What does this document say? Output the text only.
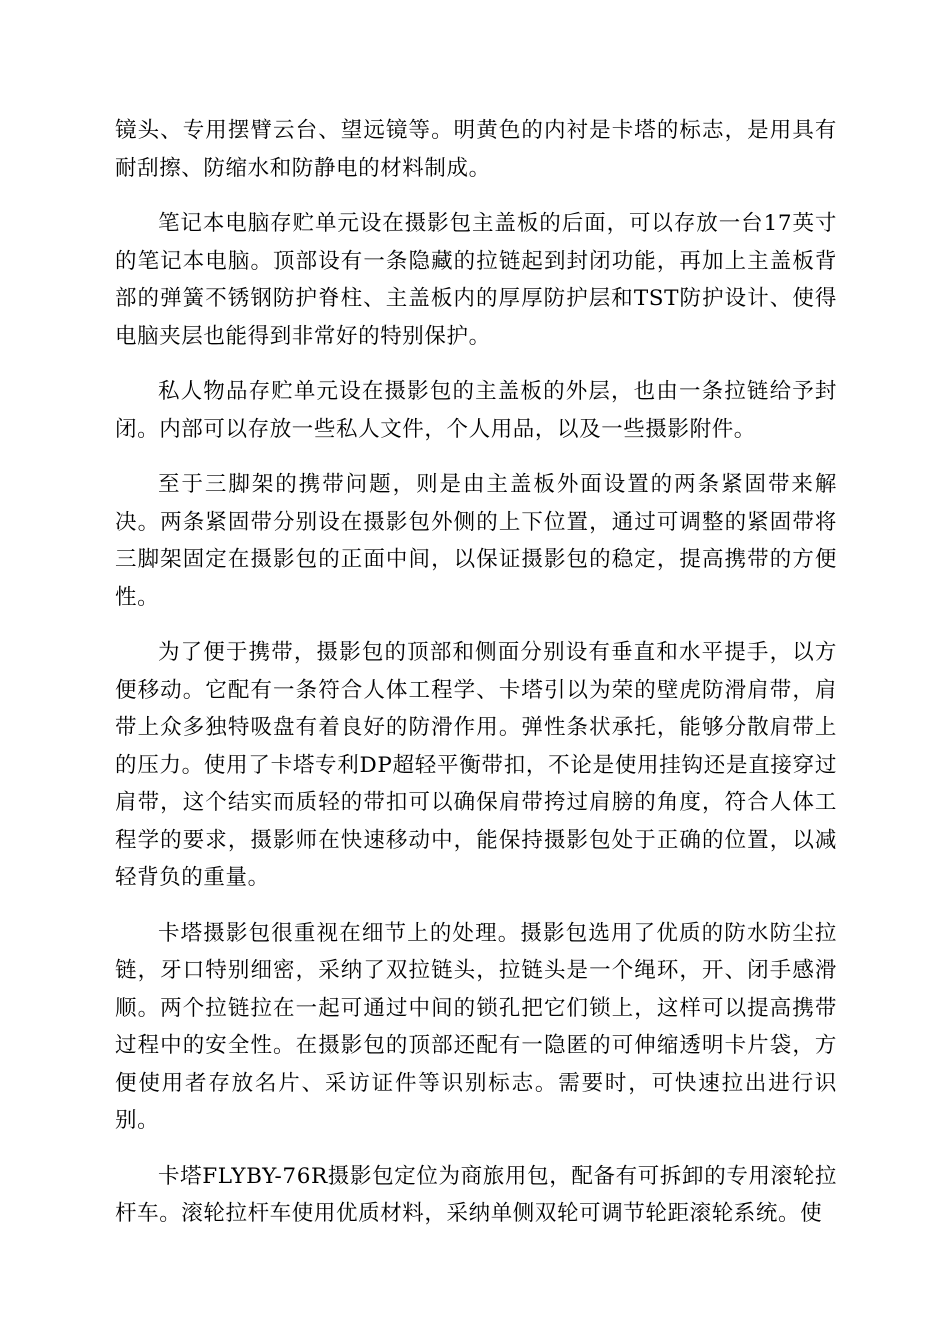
镜头、专用摆臂云台、望远镜等。明黄色的内衬是卡塔的标志，是用具有耐刮擦、防缩水和防静电的材料制成。

笔记本电脑存贮单元设在摄影包主盖板的后面，可以存放一台17英寸的笔记本电脑。顶部设有一条隐藏的拉链起到封闭功能，再加上主盖板背部的弹簧不锈钢防护脊柱、主盖板内的厚厚防护层和TST防护设计、使得电脑夹层也能得到非常好的特别保护。

私人物品存贮单元设在摄影包的主盖板的外层，也由一条拉链给予封闭。内部可以存放一些私人文件，个人用品，以及一些摄影附件。

至于三脚架的携带问题，则是由主盖板外面设置的两条紧固带来解决。两条紧固带分别设在摄影包外侧的上下位置，通过可调整的紧固带将三脚架固定在摄影包的正面中间，以保证摄影包的稳定，提高携带的方便性。

为了便于携带，摄影包的顶部和侧面分别设有垂直和水平提手，以方便移动。它配有一条符合人体工程学、卡塔引以为荣的壁虎防滑肩带，肩带上众多独特吸盘有着良好的防滑作用。弹性条状承托，能够分散肩带上的压力。使用了卡塔专利DP超轻平衡带扣，不论是使用挂钩还是直接穿过肩带，这个结实而质轻的带扣可以确保肩带挎过肩膀的角度，符合人体工程学的要求，摄影师在快速移动中，能保持摄影包处于正确的位置，以减轻背负的重量。

卡塔摄影包很重视在细节上的处理。摄影包选用了优质的防水防尘拉链，牙口特别细密，采纳了双拉链头，拉链头是一个绳环，开、闭手感滑顺。两个拉链拉在一起可通过中间的锁孔把它们锁上，这样可以提高携带过程中的安全性。在摄影包的顶部还配有一隐匿的可伸缩透明卡片袋，方便使用者存放名片、采访证件等识别标志。需要时，可快速拉出进行识别。

卡塔FLYBY-76R摄影包定位为商旅用包，配备有可拆卸的专用滚轮拉杆车。滚轮拉杆车使用优质材料，采纳单侧双轮可调节轮距滚轮系统。使
